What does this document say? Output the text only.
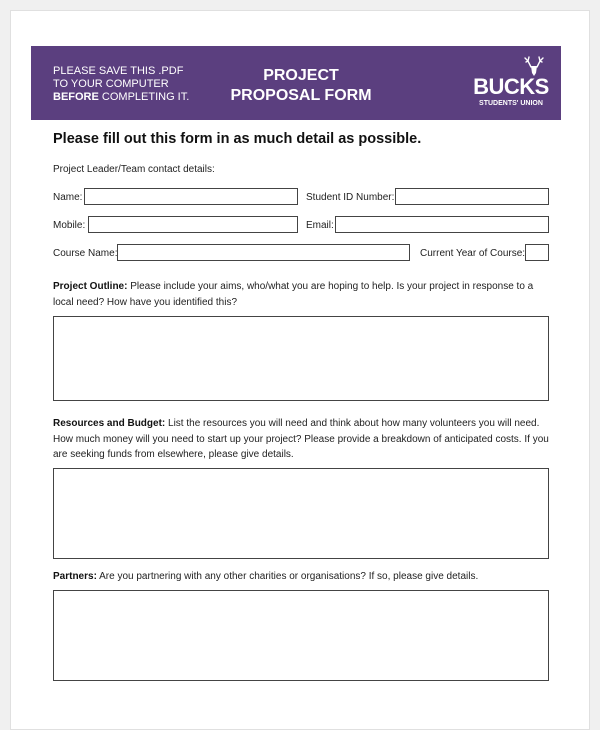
PLEASE SAVE THIS .PDF
TO YOUR COMPUTER
BEFORE COMPLETING IT.
PROJECT
PROPOSAL FORM	BUCKS
STUDENTS' UNION
Please fill out this form in as much detail as possible.
Project Leader/Team contact details:
Name:	Student ID Number:
Mobile:	Email:
Course Name:	Current Year of Course:
Project Outline: Please include your aims, who/what you are hoping to help. Is your project in response to a local need? How have you identified this?
Resources and Budget: List the resources you will need and think about how many volunteers you will need. How much money will you need to start up your project? Please provide a breakdown of anticipated costs. If you are seeking funds from elsewhere, please give details.
Partners: Are you partnering with any other charities or organisations? If so, please give details.
